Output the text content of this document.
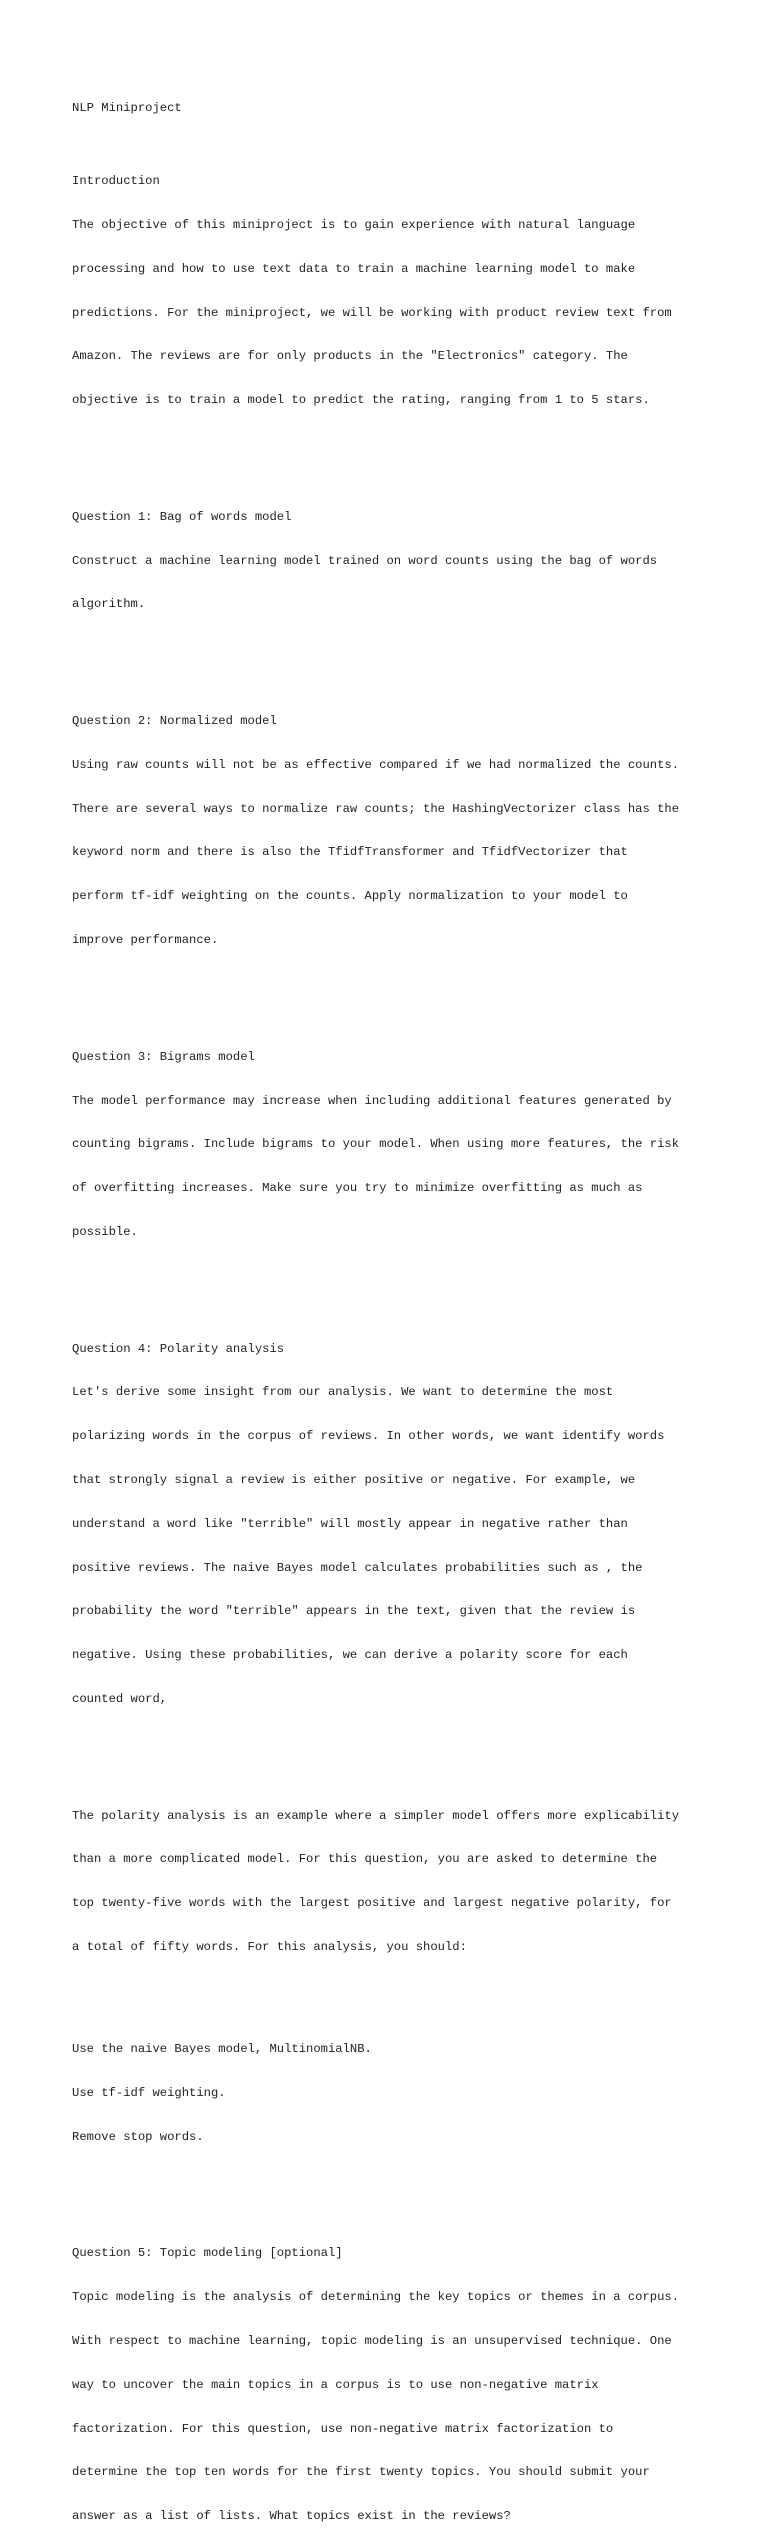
NLP Miniproject

Introduction

The objective of this miniproject is to gain experience with natural language

processing and how to use text data to train a machine learning model to make

predictions. For the miniproject, we will be working with product review text from

Amazon. The reviews are for only products in the "Electronics" category. The

objective is to train a model to predict the rating, ranging from 1 to 5 stars.

Question 1: Bag of words model

Construct a machine learning model trained on word counts using the bag of words

algorithm.

Question 2: Normalized model

Using raw counts will not be as effective compared if we had normalized the counts.

There are several ways to normalize raw counts; the HashingVectorizer class has the

keyword norm and there is also the TfidfTransformer and TfidfVectorizer that

perform tf-idf weighting on the counts. Apply normalization to your model to

improve performance.

Question 3: Bigrams model

The model performance may increase when including additional features generated by

counting bigrams. Include bigrams to your model. When using more features, the risk

of overfitting increases. Make sure you try to minimize overfitting as much as

possible.

Question 4: Polarity analysis

Let's derive some insight from our analysis. We want to determine the most

polarizing words in the corpus of reviews. In other words, we want identify words

that strongly signal a review is either positive or negative. For example, we

understand a word like "terrible" will mostly appear in negative rather than

positive reviews. The naive Bayes model calculates probabilities such as , the

probability the word "terrible" appears in the text, given that the review is

negative. Using these probabilities, we can derive a polarity score for each

counted word,

The polarity analysis is an example where a simpler model offers more explicability

than a more complicated model. For this question, you are asked to determine the

top twenty-five words with the largest positive and largest negative polarity, for

a total of fifty words. For this analysis, you should:

Use the naive Bayes model, MultinomialNB.

Use tf-idf weighting.

Remove stop words.

Question 5: Topic modeling [optional]

Topic modeling is the analysis of determining the key topics or themes in a corpus.

With respect to machine learning, topic modeling is an unsupervised technique. One

way to uncover the main topics in a corpus is to use non-negative matrix

factorization. For this question, use non-negative matrix factorization to

determine the top ten words for the first twenty topics. You should submit your

answer as a list of lists. What topics exist in the reviews?
